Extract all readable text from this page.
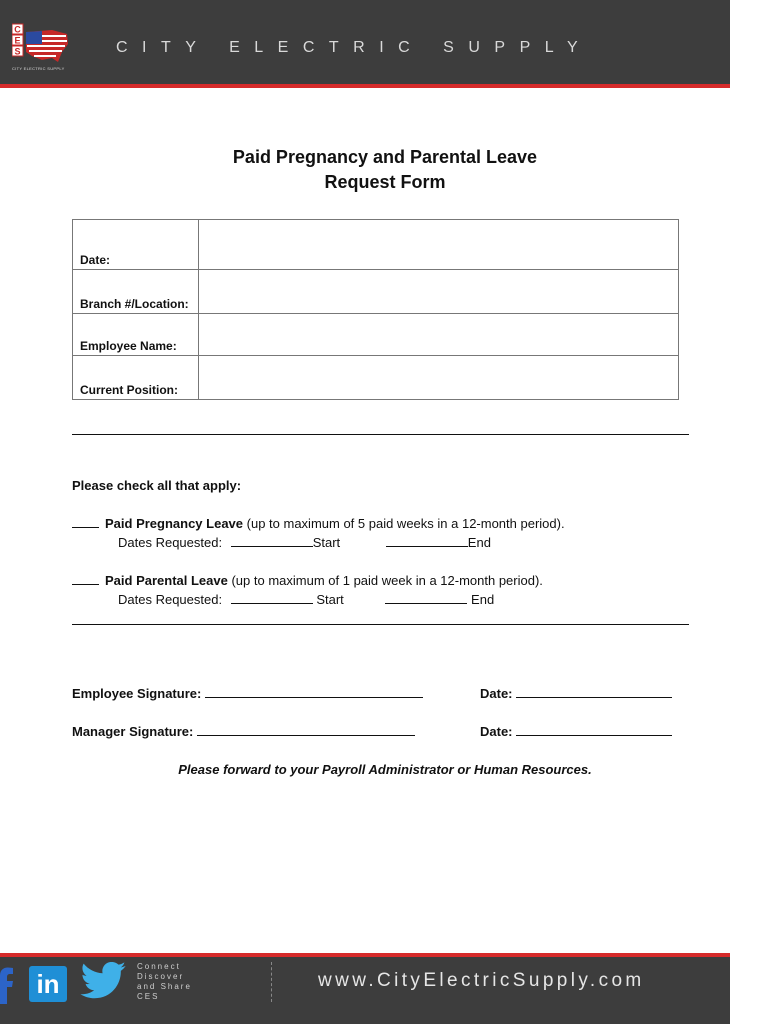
C
E
S
CITY ELECTRIC SUPPLY
CITY ELECTRIC SUPPLY
Paid Pregnancy and Parental Leave
Request Form
Date:
Branch #/Location:
Employee Name:
Current Position:
Please check all that apply:
Paid Pregnancy Leave (up to maximum of 5 paid weeks in a 12-month period).
Dates Requested:	Start	End
Paid Parental Leave (up to maximum of 1 paid week in a 12-month period).
Dates Requested:	Start	End
Employee Signature:	Date:
Manager Signature:	Date:
Please forward to your Payroll Administrator or Human Resources.
in
Connect Discover and Share CES
www.CityElectricSupply.com
